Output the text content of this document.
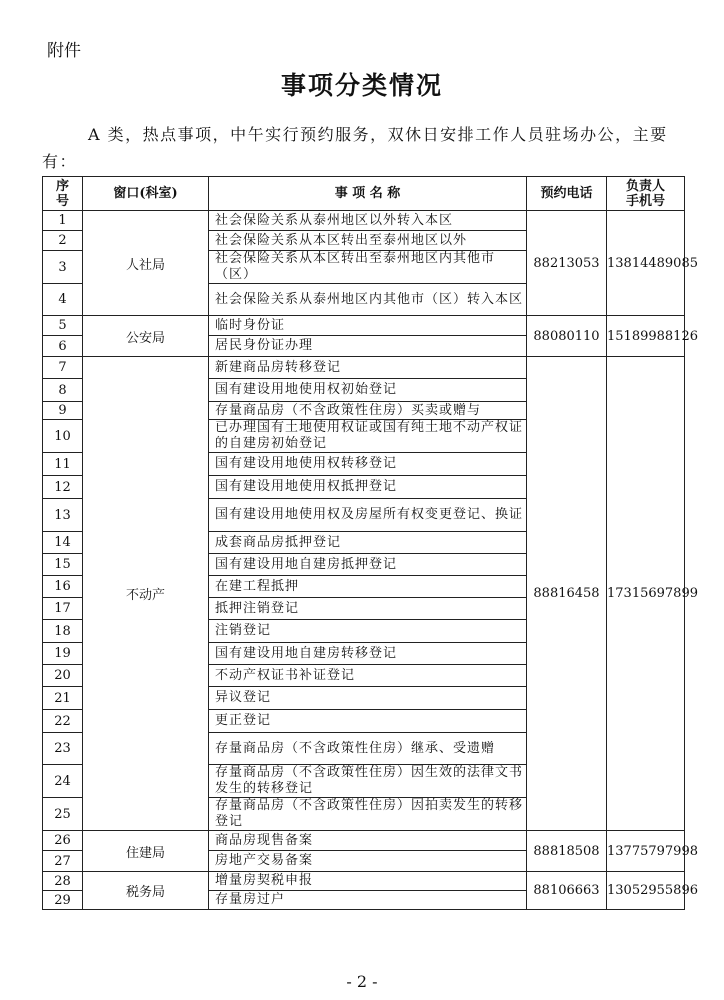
附件
事项分类情况
A 类，热点事项，中午实行预约服务，双休日安排工作人员驻场办公，主要有：
序号	窗口(科室)	事 项 名 称	预约电话	负责人手机号
1	人社局	社会保险关系从泰州地区以外转入本区	88213053	13814489085
2		社会保险关系从本区转出至泰州地区以外		
3		社会保险关系从本区转出至泰州地区内其他市（区）		
4		社会保险关系从泰州地区内其他市（区）转入本区		
5	公安局	临时身份证	88080110	15189988126
6		居民身份证办理		
7	不动产	新建商品房转移登记	88816458	17315697899
8		国有建设用地使用权初始登记		
9		存量商品房（不含政策性住房）买卖或赠与		
10		已办理国有土地使用权证或国有纯土地不动产权证的自建房初始登记		
11		国有建设用地使用权转移登记		
12		国有建设用地使用权抵押登记		
13		国有建设用地使用权及房屋所有权变更登记、换证		
14		成套商品房抵押登记		
15		国有建设用地自建房抵押登记		
16		在建工程抵押		
17		抵押注销登记		
18		注销登记		
19		国有建设用地自建房转移登记		
20		不动产权证书补证登记		
21		异议登记		
22		更正登记		
23		存量商品房（不含政策性住房）继承、受遗赠		
24		存量商品房（不含政策性住房）因生效的法律文书发生的转移登记		
25		存量商品房（不含政策性住房）因拍卖发生的转移登记		
26	住建局	商品房现售备案	88818508	13775797998
27		房地产交易备案		
28	税务局	增量房契税申报	88106663	13052955896
29		存量房过户		
- 2 -
